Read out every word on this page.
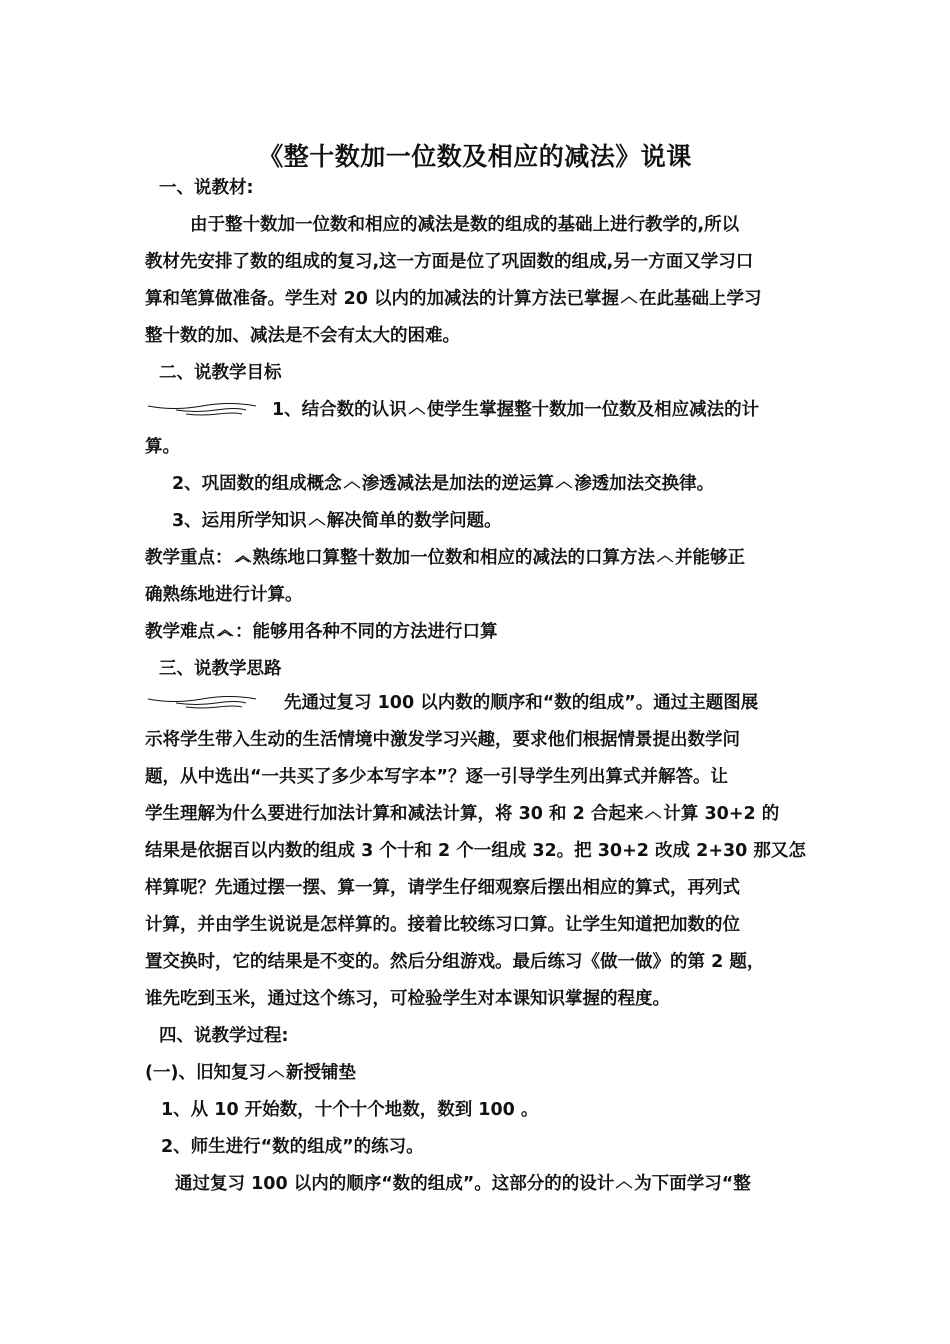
《整十数加一位数及相应的减法》说课
一、说教材:
由于整十数加一位数和相应的减法是数的组成的基础上进行教学的,所以
教材先安排了数的组成的复习,这一方面是位了巩固数的组成,另一方面又学习口
算和笔算做准备。学生对 20 以内的加减法的计算方法已掌握 在此基础上学习
整十数的加、减法是不会有太大的困难。
二、说教学目标
1、结合数的认识 使学生掌握整十数加一位数及相应减法的计
算。
2、巩固数的组成概念 渗透减法是加法的逆运算 渗透加法交换律。
3、运用所学知识 解决简单的数学问题。
教学重点： 熟练地口算整十数加一位数和相应的减法的口算方法 并能够正
确熟练地进行计算。
教学难点 ：能够用各种不同的方法进行口算
三、说教学思路
先通过复习 100 以内数的顺序和“数的组成”。通过主题图展
示将学生带入生动的生活情境中激发学习兴趣，要求他们根据情景提出数学问
题，从中选出“一共买了多少本写字本”？逐一引导学生列出算式并解答。让
学生理解为什么要进行加法计算和减法计算，将 30 和 2 合起来 计算 30+2 的
结果是依据百以内数的组成 3 个十和 2 个一组成 32。把 30+2 改成 2+30 那又怎
样算呢？先通过摆一摆、算一算，请学生仔细观察后摆出相应的算式，再列式
计算，并由学生说说是怎样算的。接着比较练习口算。让学生知道把加数的位
置交换时，它的结果是不变的。然后分组游戏。最后练习《做一做》的第 2 题，
谁先吃到玉米，通过这个练习，可检验学生对本课知识掌握的程度。
四、说教学过程:
(一)、旧知复习 新授铺垫
1、从 10 开始数，十个十个地数，数到 100 。
2、师生进行“数的组成”的练习。
通过复习 100 以内的顺序“数的组成”。这部分的的设计 为下面学习“整
